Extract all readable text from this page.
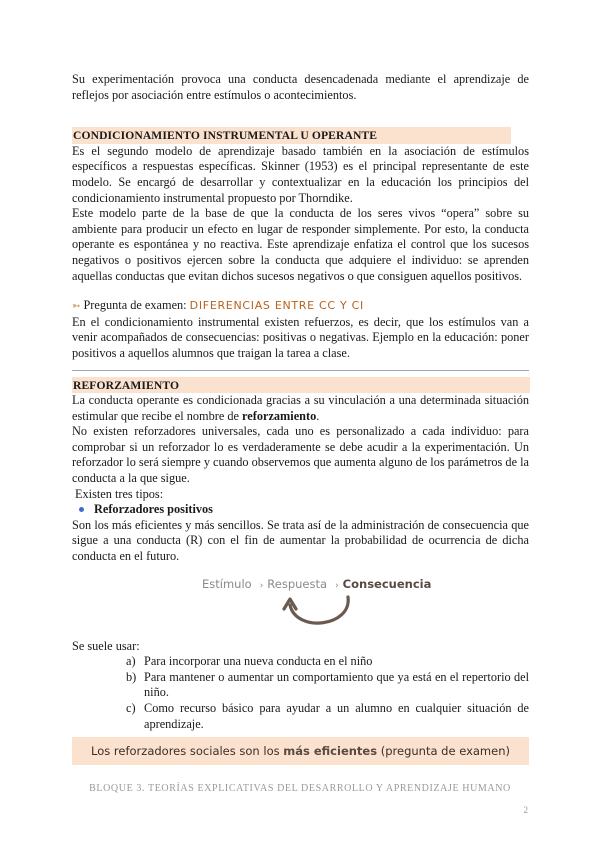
Su experimentación provoca una conducta desencadenada mediante el aprendizaje de reflejos por asociación entre estímulos o acontecimientos.

CONDICIONAMIENTO INSTRUMENTAL U OPERANTE

Es el segundo modelo de aprendizaje basado también en la asociación de estímulos específicos a respuestas específicas. Skinner (1953) es el principal representante de este modelo. Se encargó de desarrollar y contextualizar en la educación los principios del condicionamiento instrumental propuesto por Thorndike.

Este modelo parte de la base de que la conducta de los seres vivos “opera” sobre su ambiente para producir un efecto en lugar de responder simplemente. Por esto, la conducta operante es espontánea y no reactiva. Este aprendizaje enfatiza el control que los sucesos negativos o positivos ejercen sobre la conducta que adquiere el individuo: se aprenden aquellas conductas que evitan dichos sucesos negativos o que consiguen aquellos positivos.

➳ Pregunta de examen: DIFERENCIAS ENTRE CC Y CI

En el condicionamiento instrumental existen refuerzos, es decir, que los estímulos van a venir acompañados de consecuencias: positivas o negativas. Ejemplo en la educación: poner positivos a aquellos alumnos que traigan la tarea a clase.

REFORZAMIENTO

La conducta operante es condicionada gracias a su vinculación a una determinada situación estimular que recibe el nombre de reforzamiento.

No existen reforzadores universales, cada uno es personalizado a cada individuo: para comprobar si un reforzador lo es verdaderamente se debe acudir a la experimentación. Un reforzador lo será siempre y cuando observemos que aumenta alguno de los parámetros de la conducta a la que sigue.

Existen tres tipos:

Reforzadores positivos

Son los más eficientes y más sencillos. Se trata así de la administración de consecuencia que sigue a una conducta (R) con el fin de aumentar la probabilidad de ocurrencia de dicha conducta en el futuro.

Estímulo › Respuesta › Consecuencia

Se suele usar:

a) Para incorporar una nueva conducta en el niño
b) Para mantener o aumentar un comportamiento que ya está en el repertorio del niño.
c) Como recurso básico para ayudar a un alumno en cualquier situación de aprendizaje.
Los reforzadores sociales son los más eficientes (pregunta de examen)
BLOQUE 3. TEORÍAS EXPLICATIVAS DEL DESARROLLO Y APRENDIZAJE HUMANO
2
